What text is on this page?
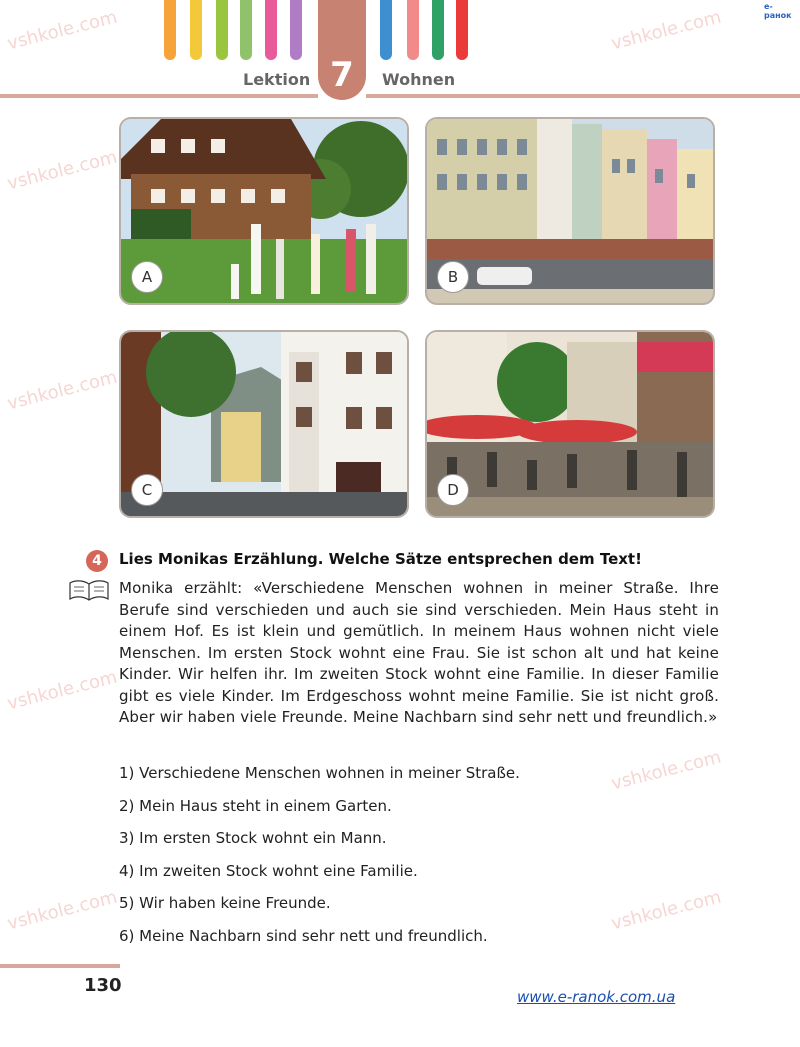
vshkole.com	vshkole.com
vshkole.com
vshkole.com
vshkole.com
vshkole.com
vshkole.com	vshkole.com
7
Lektion	Wohnen
e-ранок
A	B
C	D
4	Lies Monikas Erzählung. Welche Sätze entsprechen dem Text!

Monika erzählt: «Verschiedene Menschen wohnen in meiner Straße. Ihre Berufe sind verschieden und auch sie sind verschieden. Mein Haus steht in einem Hof. Es ist klein und gemütlich. In meinem Haus wohnen nicht viele Menschen. Im ersten Stock wohnt eine Frau. Sie ist schon alt und hat keine Kinder. Wir helfen ihr. Im zweiten Stock wohnt eine Familie. In dieser Familie gibt es viele Kinder. Im Erdgeschoss wohnt meine Familie. Sie ist nicht groß. Aber wir haben viele Freunde. Meine Nachbarn sind sehr nett und freundlich.»

1) Verschiedene Menschen wohnen in meiner Straße.
2) Mein Haus steht in einem Garten.
3) Im ersten Stock wohnt ein Mann.
4) Im zweiten Stock wohnt eine Familie.
5) Wir haben keine Freunde.
6) Meine Nachbarn sind sehr nett und freundlich.
130
www.e-ranok.com.ua
